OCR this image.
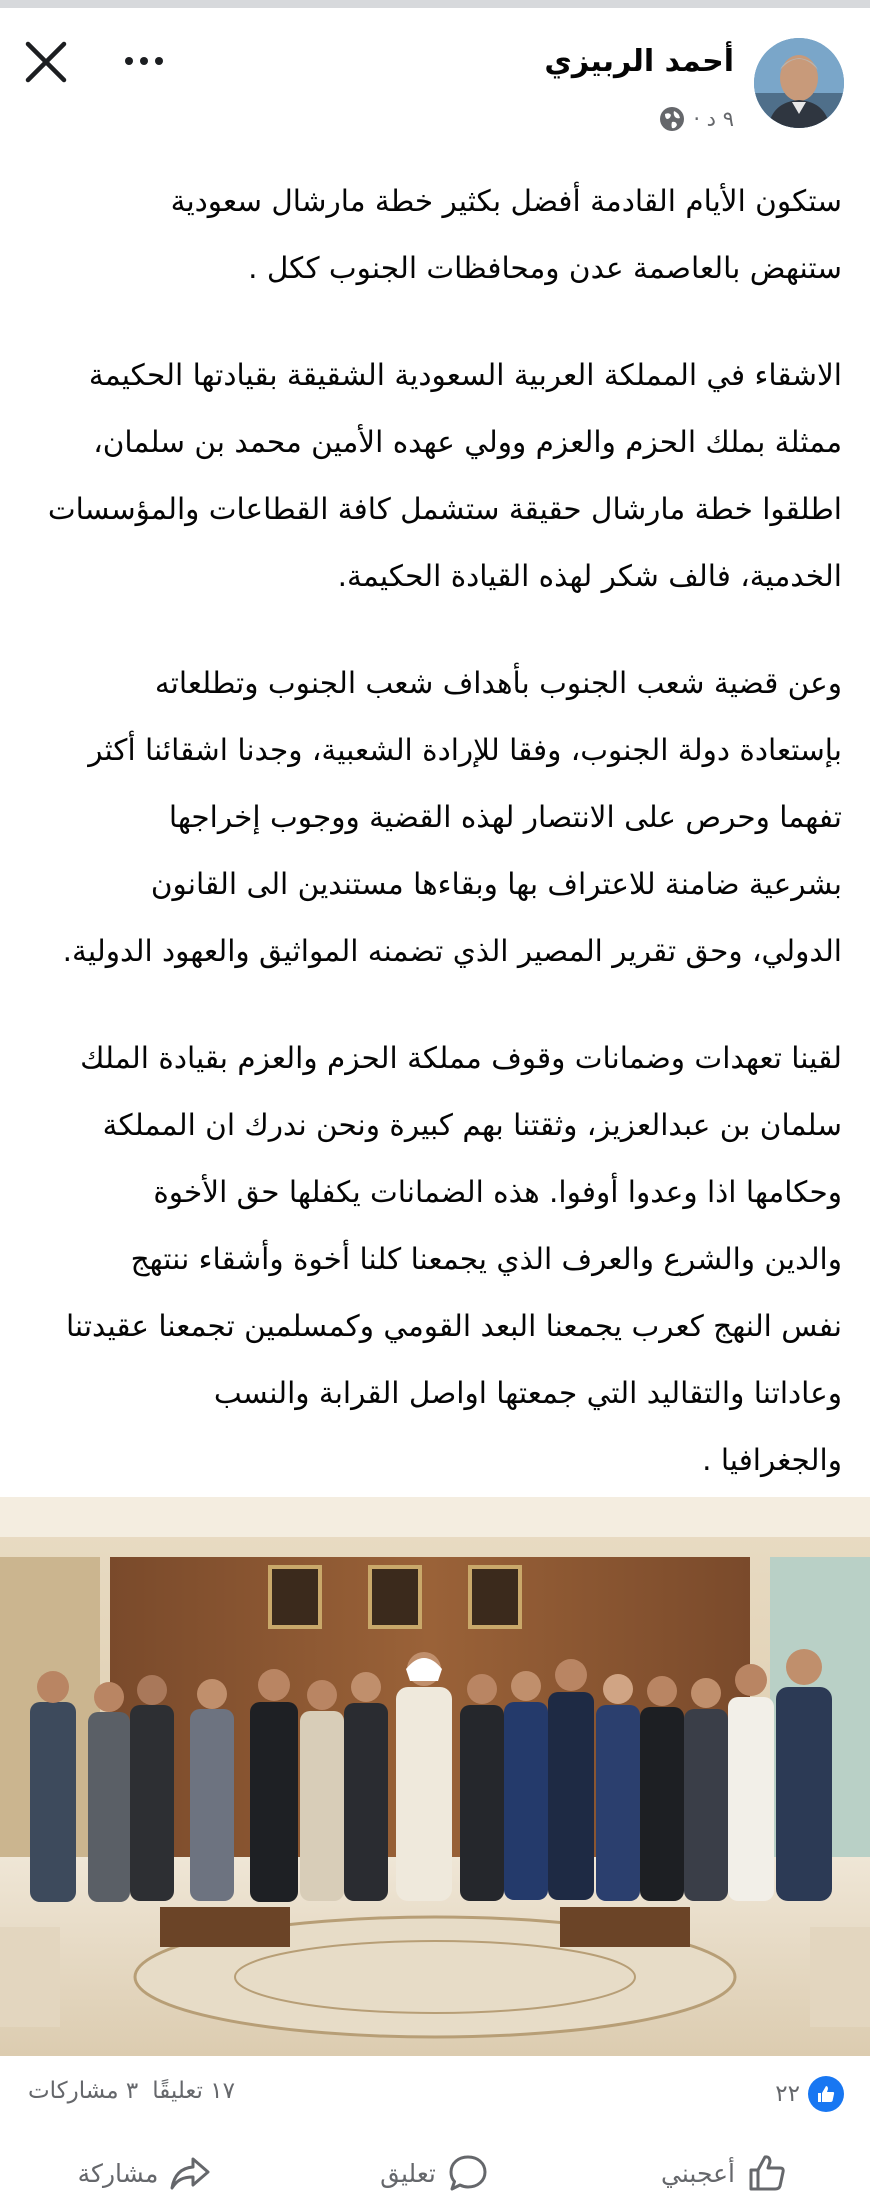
أحمد الربيزي
٩ د ·

ستكون الأيام القادمة أفضل بكثير خطة مارشال سعودية
ستنهض بالعاصمة عدن ومحافظات الجنوب ككل .

الاشقاء في المملكة العربية السعودية الشقيقة بقيادتها الحكيمة
ممثلة بملك الحزم والعزم وولي عهده الأمين محمد بن سلمان،
اطلقوا خطة مارشال حقيقة ستشمل كافة القطاعات والمؤسسات
الخدمية، فالف شكر لهذه القيادة الحكيمة.

وعن قضية شعب الجنوب بأهداف شعب الجنوب وتطلعاته
بإستعادة دولة الجنوب، وفقا للإرادة الشعبية، وجدنا اشقائنا أكثر
تفهما وحرص على الانتصار لهذه القضية ووجوب إخراجها
بشرعية ضامنة للاعتراف بها وبقاءها مستندين الى القانون
الدولي، وحق تقرير المصير الذي تضمنه المواثيق والعهود الدولية.

لقينا تعهدات وضمانات وقوف مملكة الحزم والعزم بقيادة الملك
سلمان بن عبدالعزيز، وثقتنا بهم كبيرة ونحن ندرك ان المملكة
وحكامها اذا وعدوا أوفوا. هذه الضمانات يكفلها حق الأخوة
والدين والشرع والعرف الذي يجمعنا كلنا أخوة وأشقاء ننتهج
نفس النهج كعرب يجمعنا البعد القومي وكمسلمين تجمعنا عقيدتنا
وعاداتنا والتقاليد التي جمعتها اواصل القرابة والنسب
والجغرافيا .

٢٢
١٧ تعليقًا
٣ مشاركات
أعجبني
تعليق
مشاركة
